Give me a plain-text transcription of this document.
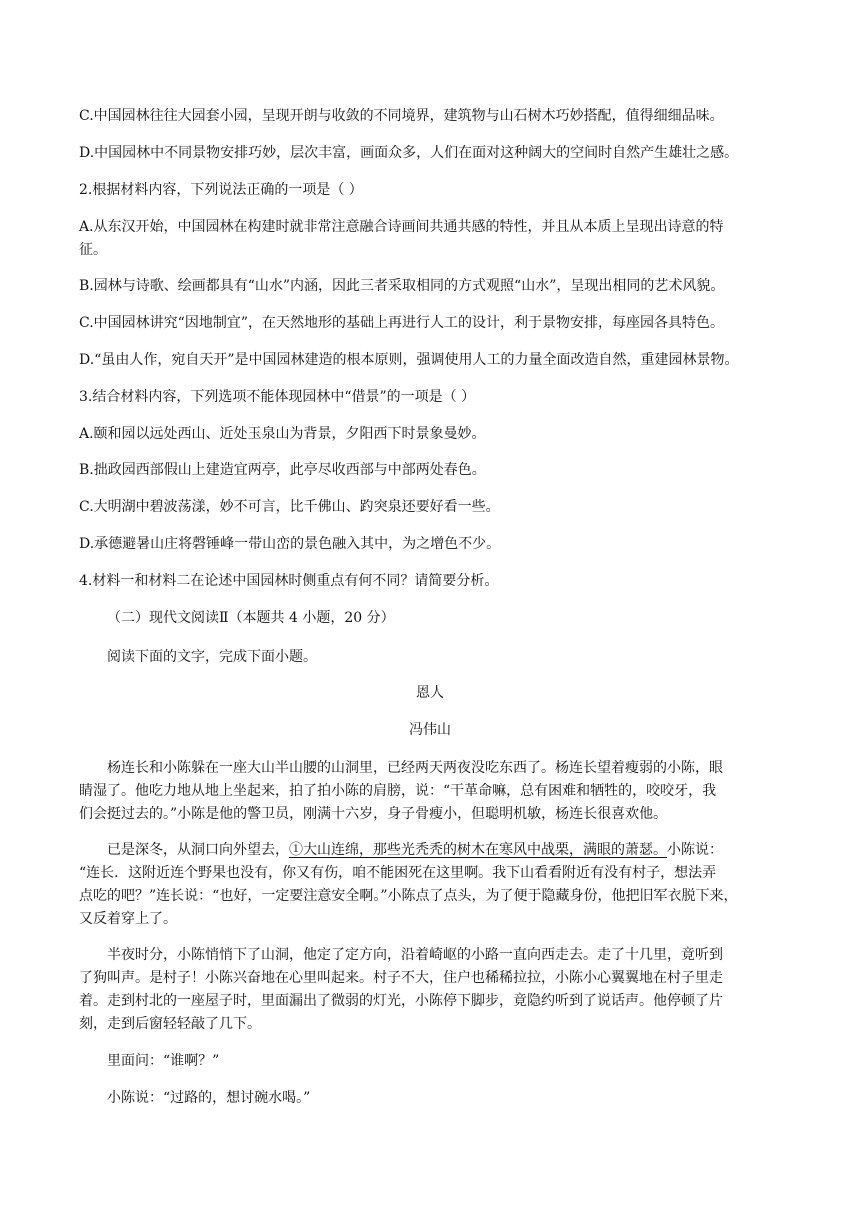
C.中国园林往往大园套小园，呈现开朗与收敛的不同境界，建筑物与山石树木巧妙搭配，值得细细品味。
D.中国园林中不同景物安排巧妙，层次丰富，画面众多，人们在面对这种阔大的空间时自然产生雄壮之感。
2.根据材料内容，下列说法正确的一项是（ ）
A.从东汉开始，中国园林在构建时就非常注意融合诗画间共通共感的特性，并且从本质上呈现出诗意的特
征。
B.园林与诗歌、绘画都具有“山水”内涵，因此三者采取相同的方式观照“山水”，呈现出相同的艺术风貌。
C.中国园林讲究“因地制宜”，在天然地形的基础上再进行人工的设计，利于景物安排，每座园各具特色。
D.“虽由人作，宛自天开”是中国园林建造的根本原则，强调使用人工的力量全面改造自然，重建园林景物。
3.结合材料内容，下列选项不能体现园林中“借景”的一项是（ ）
A.颐和园以远处西山、近处玉泉山为背景，夕阳西下时景象曼妙。
B.拙政园西部假山上建造宜两亭，此亭尽收西部与中部两处春色。
C.大明湖中碧波荡漾，妙不可言，比千佛山、趵突泉还要好看一些。
D.承德避暑山庄将磬锤峰一带山峦的景色融入其中，为之增色不少。
4.材料一和材料二在论述中国园林时侧重点有何不同？请简要分析。
（二）现代文阅读Ⅱ（本题共 4 小题，20 分）
阅读下面的文字，完成下面小题。
恩人
冯伟山
杨连长和小陈躲在一座大山半山腰的山洞里，已经两天两夜没吃东西了。杨连长望着瘦弱的小陈，眼
睛湿了。他吃力地从地上坐起来，拍了拍小陈的肩膀，说：“干革命嘛，总有困难和牺牲的，咬咬牙，我
们会挺过去的。”小陈是他的警卫员，刚满十六岁，身子骨瘦小，但聪明机敏，杨连长很喜欢他。
已是深冬，从洞口向外望去，①大山连绵，那些光秃秃的树木在寒风中战栗，满眼的萧瑟。小陈说：
“连长．这附近连个野果也没有，你又有伤，咱不能困死在这里啊。我下山看看附近有没有村子，想法弄
点吃的吧？”连长说：“也好，一定要注意安全啊。”小陈点了点头，为了便于隐藏身份，他把旧军衣脱下来，
又反着穿上了。
半夜时分，小陈悄悄下了山洞，他定了定方向，沿着崎岖的小路一直向西走去。走了十几里，竟听到
了狗叫声。是村子！小陈兴奋地在心里叫起来。村子不大，住户也稀稀拉拉，小陈小心翼翼地在村子里走
着。走到村北的一座屋子时，里面漏出了微弱的灯光，小陈停下脚步，竟隐约听到了说话声。他停顿了片
刻，走到后窗轻轻敲了几下。
里面问：“谁啊？”
小陈说：“过路的，想讨碗水喝。”
